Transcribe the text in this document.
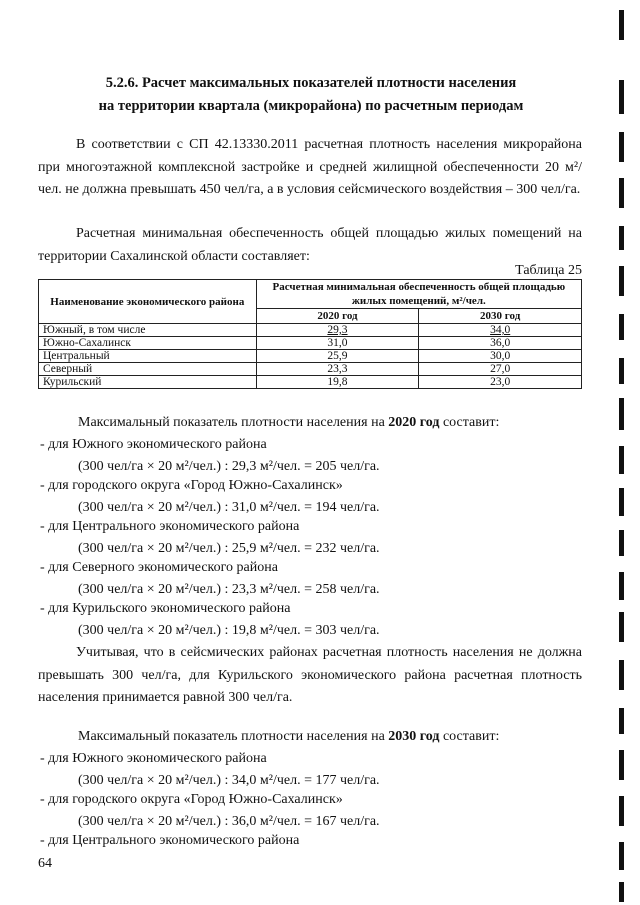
5.2.6. Расчет максимальных показателей плотности населения
на территории квартала (микрорайона) по расчетным периодам
В соответствии с СП 42.13330.2011 расчетная плотность населения микрорайона при многоэтажной комплексной застройке и средней жилищной обеспеченности 20 м²/чел. не должна превышать 450 чел/га, а в условия сейсмического воздействия – 300 чел/га.
Расчетная минимальная обеспеченность общей площадью жилых помещений на территории Сахалинской области составляет:
Таблица 25
Наименование экономического района	Расчетная минимальная обеспеченность общей площадью жилых помещений, м²/чел.	
	2020 год	2030 год
Южный, в том числе	29,3	34,0
Южно-Сахалинск	31,0	36,0
Центральный	25,9	30,0
Северный	23,3	27,0
Курильский	19,8	23,0
Максимальный показатель плотности населения на 2020 год составит:
- для Южного экономического района
(300 чел/га × 20 м²/чел.) : 29,3 м²/чел. = 205 чел/га.
- для городского округа «Город Южно-Сахалинск»
(300 чел/га × 20 м²/чел.) : 31,0 м²/чел. = 194 чел/га.
- для Центрального экономического района
(300 чел/га × 20 м²/чел.) : 25,9 м²/чел. = 232 чел/га.
- для Северного экономического района
(300 чел/га × 20 м²/чел.) : 23,3 м²/чел. = 258 чел/га.
- для Курильского экономического района
(300 чел/га × 20 м²/чел.) : 19,8 м²/чел. = 303 чел/га.
Учитывая, что в сейсмических районах расчетная плотность населения не должна превышать 300 чел/га, для Курильского экономического района расчетная плотность населения принимается равной 300 чел/га.
Максимальный показатель плотности населения на 2030 год составит:
- для Южного экономического района
(300 чел/га × 20 м²/чел.) : 34,0 м²/чел. = 177 чел/га.
- для городского округа «Город Южно-Сахалинск»
(300 чел/га × 20 м²/чел.) : 36,0 м²/чел. = 167 чел/га.
- для Центрального экономического района
64
